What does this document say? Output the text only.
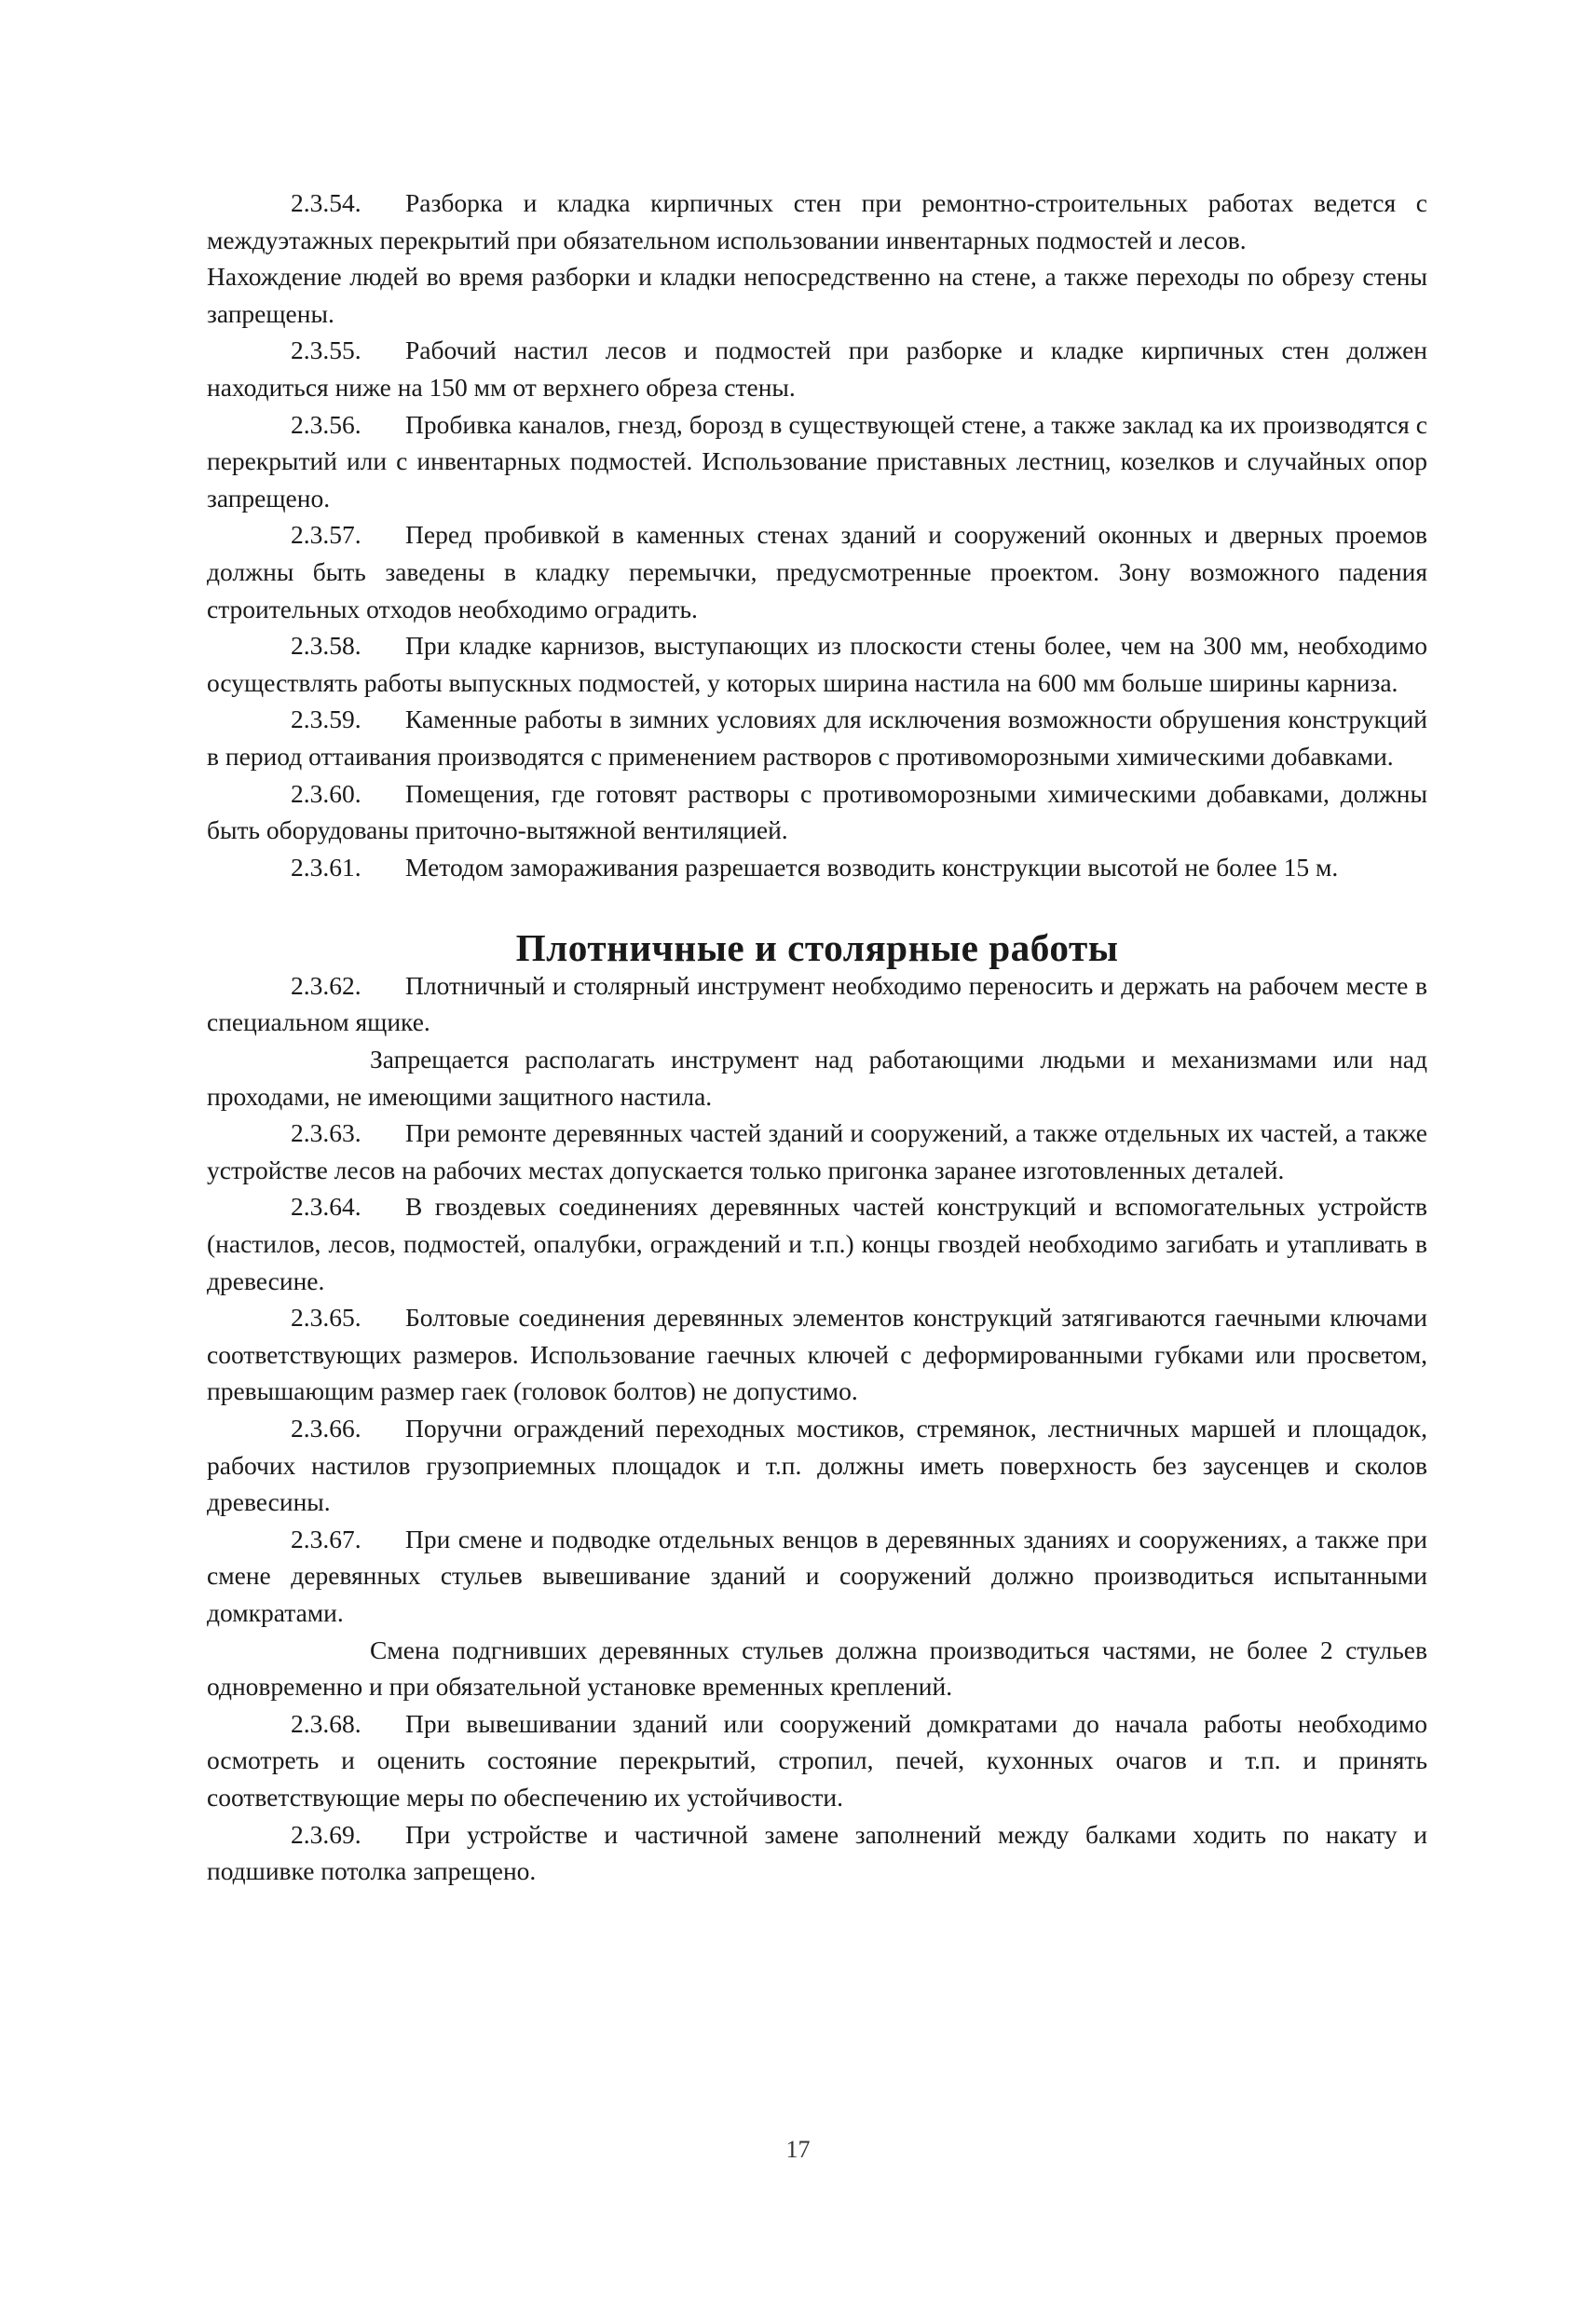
2.3.54. Разборка и кладка кирпичных стен при ремонтно-строительных работах ведется с междуэтажных перекрытий при обязательном использовании инвентарных подмостей и лесов.

Нахождение людей во время разборки и кладки непосредственно на стене, а также переходы по обрезу стены запрещены.

2.3.55. Рабочий настил лесов и подмостей при разборке и кладке кирпичных стен должен находиться ниже на 150 мм от верхнего обреза стены.

2.3.56. Пробивка каналов, гнезд, борозд в существующей стене, а также заклад ка их производятся с перекрытий или с инвентарных подмостей. Использование приставных лестниц, козелков и случайных опор запрещено.

2.3.57. Перед пробивкой в каменных стенах зданий и сооружений оконных и дверных проемов должны быть заведены в кладку перемычки, предусмотренные проектом. Зону возможного падения строительных отходов необходимо оградить.

2.3.58. При кладке карнизов, выступающих из плоскости стены более, чем на 300 мм, необходимо осуществлять работы выпускных подмостей, у которых ширина настила на 600 мм больше ширины карниза.

2.3.59. Каменные работы в зимних условиях для исключения возможности обрушения конструкций в период оттаивания производятся с применением растворов с противоморозными химическими добавками.

2.3.60. Помещения, где готовят растворы с противоморозными химическими добавками, должны быть оборудованы приточно-вытяжной вентиляцией.

2.3.61. Методом замораживания разрешается возводить конструкции высотой не более 15 м.

Плотничные и столярные работы

2.3.62. Плотничный и столярный инструмент необходимо переносить и держать на рабочем месте в специальном ящике.

Запрещается располагать инструмент над работающими людьми и механизмами или над проходами, не имеющими защитного настила.

2.3.63. При ремонте деревянных частей зданий и сооружений, а также отдельных их частей, а также устройстве лесов на рабочих местах допускается только пригонка заранее изготовленных деталей.

2.3.64. В гвоздевых соединениях деревянных частей конструкций и вспомогательных устройств (настилов, лесов, подмостей, опалубки, ограждений и т.п.) концы гвоздей необходимо загибать и утапливать в древесине.

2.3.65. Болтовые соединения деревянных элементов конструкций затягиваются гаечными ключами соответствующих размеров. Использование гаечных ключей с деформированными губками или просветом, превышающим размер гаек (головок болтов) не допустимо.

2.3.66. Поручни ограждений переходных мостиков, стремянок, лестничных маршей и площадок, рабочих настилов грузоприемных площадок и т.п. должны иметь поверхность без заусенцев и сколов древесины.

2.3.67. При смене и подводке отдельных венцов в деревянных зданиях и сооружениях, а также при смене деревянных стульев вывешивание зданий и сооружений должно производиться испытанными домкратами.

Смена подгнивших деревянных стульев должна производиться частями, не более 2 стульев одновременно и при обязательной установке временных креплений.

2.3.68. При вывешивании зданий или сооружений домкратами до начала работы необходимо осмотреть и оценить состояние перекрытий, стропил, печей, кухонных очагов и т.п. и принять соответствующие меры по обеспечению их устойчивости.

2.3.69. При устройстве и частичной замене заполнений между балками ходить по накату и подшивке потолка запрещено.

17
